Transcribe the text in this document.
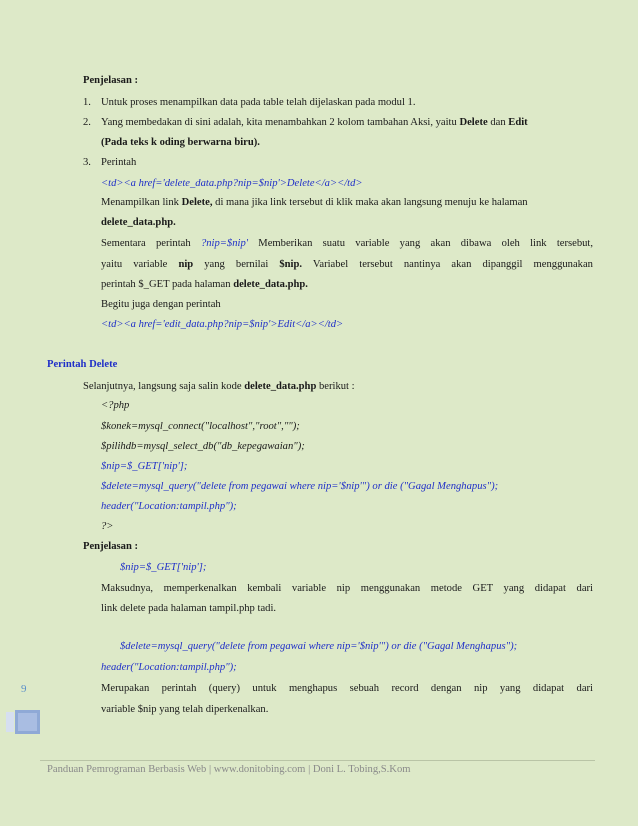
Penjelasan :
1. Untuk proses menampilkan data pada table telah dijelaskan pada modul 1.
2. Yang membedakan di sini adalah, kita menambahkan 2 kolom tambahan Aksi, yaitu Delete dan Edit
(Pada teks k oding berwarna biru).
3. Perintah
<td><a href='delete_data.php?nip=$nip'>Delete</a></td>
Menampilkan link Delete, di mana jika link tersebut di klik maka akan langsung menuju ke halaman
delete_data.php.
Sementara perintah ?nip=$nip' Memberikan suatu variable yang akan dibawa oleh link tersebut,
yaitu variable nip yang bernilai $nip. Variabel tersebut nantinya akan dipanggil menggunakan
perintah $_GET pada halaman delete_data.php.
Begitu juga dengan perintah
<td><a href='edit_data.php?nip=$nip'>Edit</a></td>
Perintah Delete
Selanjutnya, langsung saja salin kode delete_data.php berikut :
<?php
$konek=mysql_connect("localhost","root","");
$pilihdb=mysql_select_db("db_kepegawaian");
$nip=$_GET['nip'];
$delete=mysql_query("delete from pegawai where nip='$nip'") or die ("Gagal Menghapus");
header("Location:tampil.php");
?>
Penjelasan :
$nip=$_GET['nip'];
Maksudnya, memperkenalkan kembali variable nip menggunakan metode GET yang didapat dari
link delete pada halaman tampil.php tadi.
$delete=mysql_query("delete from pegawai where nip='$nip'") or die ("Gagal Menghapus");
header("Location:tampil.php");
Merupakan perintah (query) untuk menghapus sebuah record dengan nip yang didapat dari
variable $nip yang telah diperkenalkan.
9
Panduan Pemrograman Berbasis Web | www.donitobing.com | Doni L. Tobing,S.Kom
